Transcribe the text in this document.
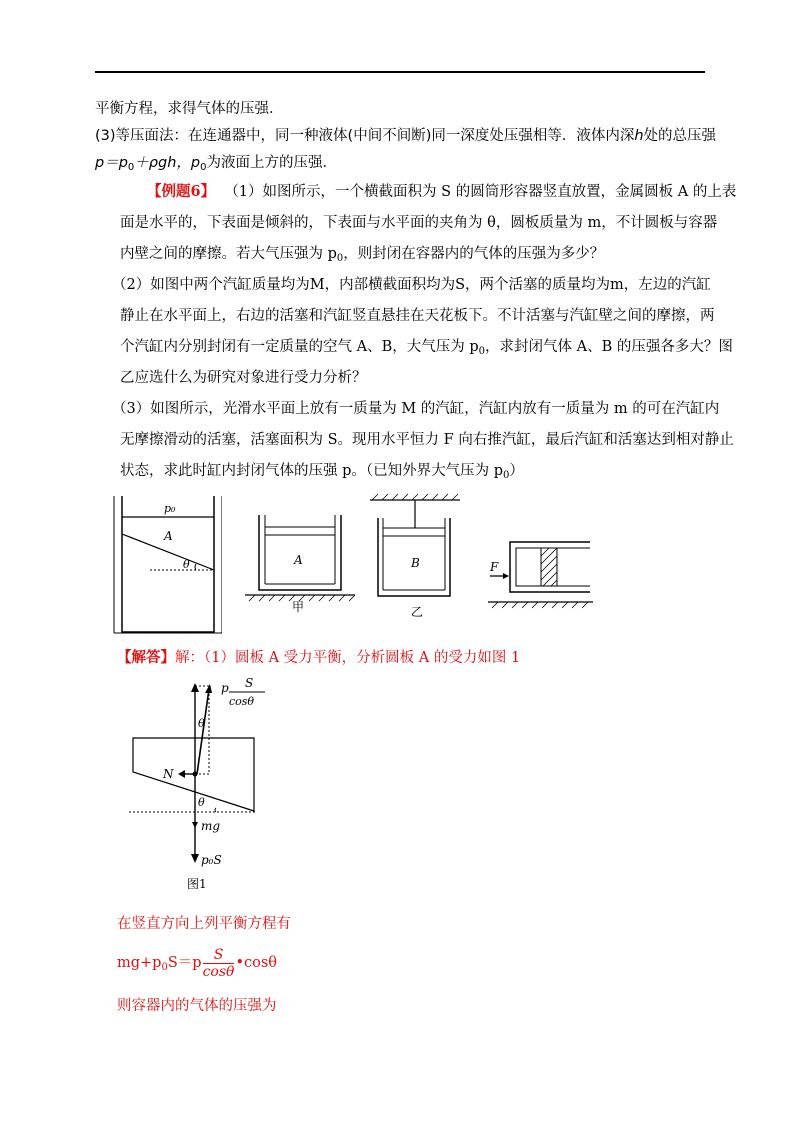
平衡方程，求得气体的压强．
(3)等压面法：在连通器中，同一种液体(中间不间断)同一深度处压强相等．液体内深h处的总压强
$p=p_0+\rho gh$，$p_0$为液面上方的压强．
【例题6】 （1）如图所示，一个横截面积为 S 的圆筒形容器竖直放置，金属圆板 A 的上表
面是水平的，下表面是倾斜的，下表面与水平面的夹角为 θ，圆板质量为 m，不计圆板与容器
内壁之间的摩擦。若大气压强为 $p_0$，则封闭在容器内的气体的压强为多少？
（2）如图中两个汽缸质量均为M，内部横截面积均为S，两个活塞的质量均为m，左边的汽缸
静止在水平面上，右边的活塞和汽缸竖直悬挂在天花板下。不计活塞与汽缸壁之间的摩擦，两
个汽缸内分别封闭有一定质量的空气 A、B，大气压为 $p_0$，求封闭气体 A、B 的压强各多大？图
乙应选什么为研究对象进行受力分析？
（3）如图所示，光滑水平面上放有一质量为 M 的汽缸，汽缸内放有一质量为 m 的可在汽缸内
无摩擦滑动的活塞，活塞面积为 S。现用水平恒力 F 向右推汽缸，最后汽缸和活塞达到相对静止
状态，求此时缸内封闭气体的压强 p。（已知外界大气压为 $p_0$）
p₀
A
θ	A
甲
B
乙
F
【解答】解：（1）圆板 A 受力平衡，分析圆板 A 的受力如图 1
p S
cosθ
θ
N
θ
mg
p₀S
图1
在竖直方向上列平衡方程有
$mg+p_0S=p \frac{S}{\cos\theta}$ •cosθ
则容器内的气体的压强为
